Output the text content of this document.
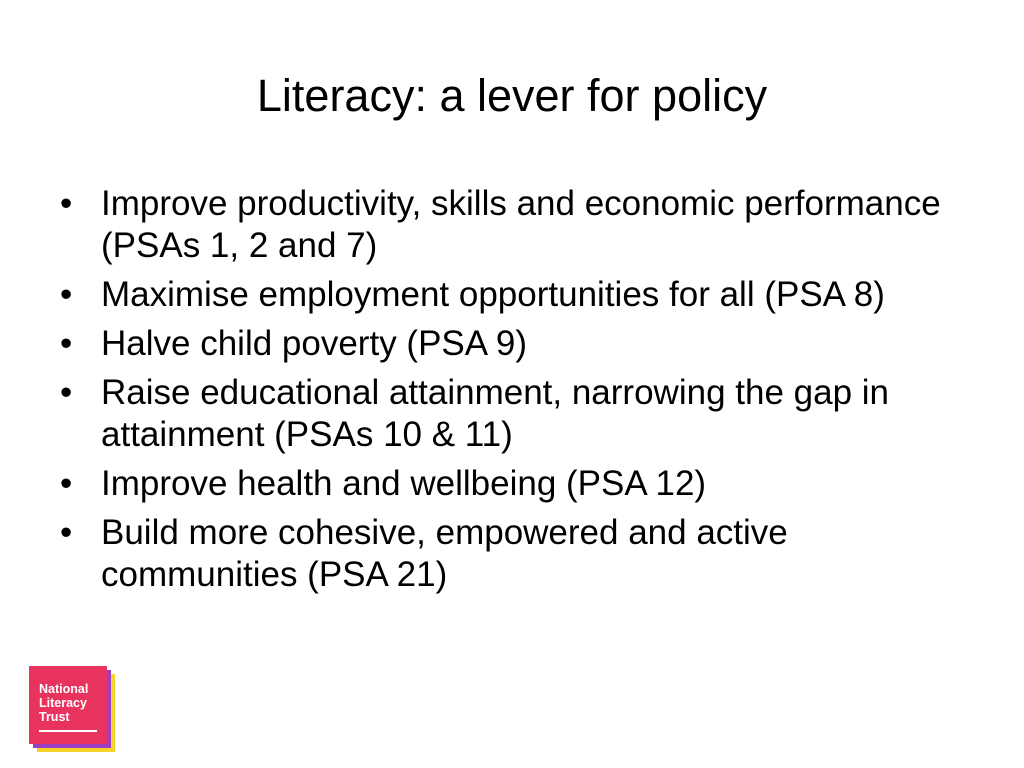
Literacy: a lever for policy
• Improve productivity, skills and economic performance (PSAs 1, 2 and 7)
• Maximise employment opportunities for all (PSA 8)
• Halve child poverty (PSA 9)
• Raise educational attainment, narrowing the gap in attainment (PSAs 10 & 11)
• Improve health and wellbeing (PSA 12)
• Build more cohesive, empowered and active communities (PSA 21)
National
Literacy
Trust
